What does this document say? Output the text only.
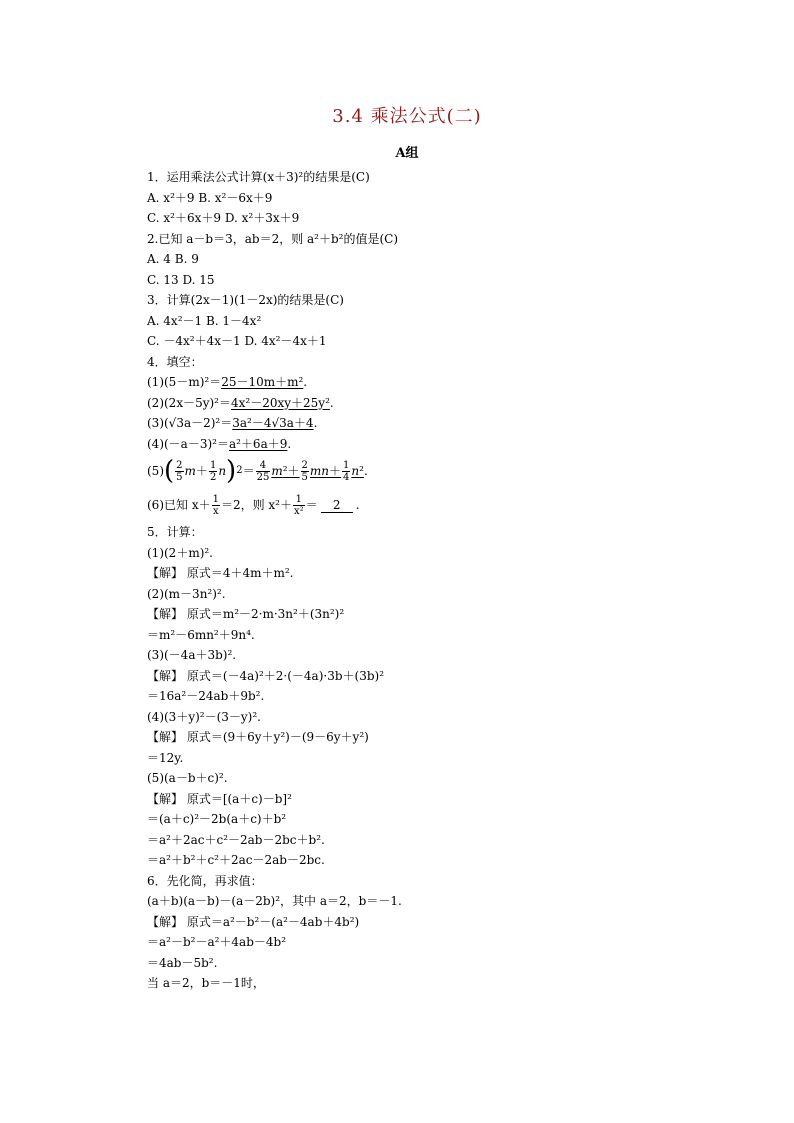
3.4 乘法公式(二)
A组
1．运用乘法公式计算(x＋3)²的结果是(C)
A. x²＋9 B. x²－6x＋9
C. x²＋6x＋9 D. x²＋3x＋9
2.已知 a－b＝3，ab＝2，则 a²＋b²的值是(C)
A. 4 B. 9
C. 13 D. 15
3．计算(2x－1)(1－2x)的结果是(C)
A. 4x²－1 B. 1－4x²
C. －4x²＋4x－1 D. 4x²－4x＋1
4．填空：
(1)(5－m)²＝25－10m＋m².
(2)(2x－5y)²＝4x²－20xy＋25y².
(3)(√3a－2)²＝3a²－4√3a＋4.
(4)(－a－3)²＝a²＋6a＋9.
(5) ( $\frac{2}{5}$ $m + \frac{1}{2}$ n ) $2 = \frac{4}{25} m^2+ \frac{2}{5} mn+ \frac{1}{4} n^2$ .
(6)已知 $x+ \frac{1}{x} =2$，则 $x^2+ \frac{1}{\text{x²}}$ ＝	2	.
5．计算：
(1)(2＋m)².
【解】 原式＝4＋4m＋m².
(2)(m－3n²)².
【解】 原式＝m²－2·m·3n²＋(3n²)²
＝m²－6mn²＋9n⁴.
(3)(－4a＋3b)².
【解】 原式＝(－4a)²＋2·(－4a)·3b＋(3b)²
＝16a²－24ab＋9b².
(4)(3＋y)²－(3－y)².
【解】 原式＝(9＋6y＋y²)－(9－6y＋y²)
＝12y.
(5)(a－b＋c)².
【解】 原式＝[(a＋c)－b]²
＝(a＋c)²－2b(a＋c)＋b²
＝a²＋2ac＋c²－2ab－2bc＋b².
＝a²＋b²＋c²＋2ac－2ab－2bc.
6．先化简，再求值：
(a＋b)(a－b)－(a－2b)²，其中 a＝2，b＝－1.
【解】 原式＝a²－b²－(a²－4ab＋4b²)
＝a²－b²－a²＋4ab－4b²
＝4ab－5b².
当 a＝2，b＝－1时，
